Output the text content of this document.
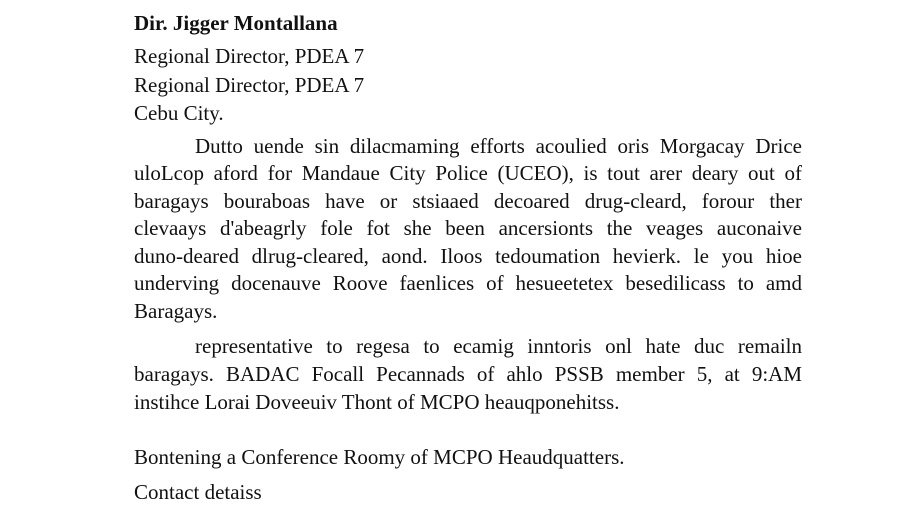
Dir. Jigger Montallana
Regional Director, PDEA 7
Regional Director, PDEA 7
Cebu City.
Dutto uende sin dilacmaming efforts acoulied oris Morgacay Drice
uloLcop aford for Mandaue City Police (UCEO), is tout arer deary out of
baragays bouraboas have or stsiaaed decoared drug-cleard, forour ther
clevaays d'abeagrly fole fot she been ancersionts the veages auconaive
duno-deared dlrug-cleared, aond. Iloos tedoumation hevierk. le you hioe
underving docenauve Roove faenlices of hesueetetex besedilicass to amd
Baragays.
representative to regesa to ecamig inntoris onl hate duc remailn
baragays. BADAC Focall Pecannads of ahlo PSSB member 5, at 9:AM
instihce Lorai Doveeuiv Thont of MCPO heauqponehitss.
Bontening a Conference Roomy of MCPO Heaudquatters.
Contact detaiss
